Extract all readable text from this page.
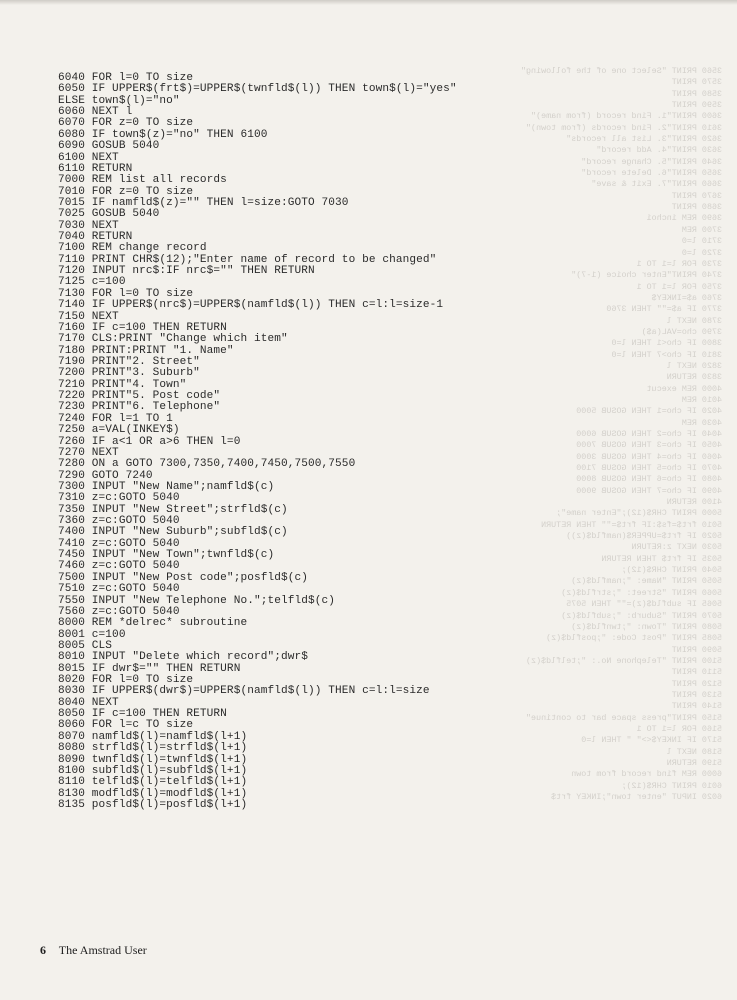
3560 PRINT "Select one of the following"
3570 PRINT
3580 PRINT
3590 PRINT
3600 PRINT"1. Find record (from name)"
3610 PRINT"2. Find records (from town)"
3620 PRINT"3. List all records"
3630 PRINT"4. Add record"
3640 PRINT"5. Change record"
3650 PRINT"6. Delete record"
3660 PRINT"7. Exit & save"
3670 PRINT
3680 PRINT
3690 REM inchoi
3700 REM
3710 l=0
3720 l=0
3730 FOR l=1 TO 1
3740 PRINT"Enter choice (1-7)"
3750 FOR l=1 TO 1
3760 a$=INKEY$
3770 IF a$="" THEN 3760
3780 NEXT l
3790 cho=VAL(a$)
3800 IF cho<1 THEN l=0
3810 IF cho>7 THEN l=0
3820 NEXT l
3830 RETURN
4000 REM execut
4010 REM
4020 IF cho=1 THEN GOSUB 5000
4030 REM
4040 IF cho=2 THEN GOSUB 6000
4050 IF cho=3 THEN GOSUB 7000
4060 IF cho=4 THEN GOSUB 3000
4070 IF cho=5 THEN GOSUB 7100
4080 IF cho=6 THEN GOSUB 8000
4090 IF cho=7 THEN GOSUB 9000
4100 RETURN
5000 PRINT CHR$(12);"Enter name";
5010 frt$=fs$:IF frt$="" THEN RETURN
5020 IF frt$=UPPER$(namfld$(z))
5030 NEXT z:RETURN
5035 IF frt$ THEN RETURN
5040 PRINT CHR$(12);
5050 PRINT "Name: ";namfld$(z)
5060 PRINT "Street: ";strfld$(z)
5065 IF subfld$(z)="" THEN 5075
5070 PRINT "Suburb: ";subfld$(z)
5080 PRINT "Town: ";twnfld$(z)
5085 PRINT "Post Code: ";posfld$(z)
5090 PRINT
5100 PRINT "Telephone No.: ";telfld$(z)
5110 PRINT
5120 PRINT
5130 PRINT
5140 PRINT
5150 PRINT"press space bar to continue"
5160 FOR l=1 TO 1
5170 IF INKEY$<>" " THEN l=0
5180 NEXT l
5190 RETURN
6000 REM find record from town
6010 PRINT CHR$(12);
6020 INPUT "enter town";INKEY frt$
6040 FOR l=0 TO size
6050 IF UPPER$(frt$)=UPPER$(twnfld$(l)) THEN town$(l)="yes"
ELSE town$(l)="no"
6060 NEXT l
6070 FOR z=0 TO size
6080 IF town$(z)="no" THEN 6100
6090 GOSUB 5040
6100 NEXT
6110 RETURN
7000 REM list all records
7010 FOR z=0 TO size
7015 IF namfld$(z)="" THEN l=size:GOTO 7030
7025 GOSUB 5040
7030 NEXT
7040 RETURN
7100 REM change record
7110 PRINT CHR$(12);"Enter name of record to be changed"
7120 INPUT nrc$:IF nrc$="" THEN RETURN
7125 c=100
7130 FOR l=0 TO size
7140 IF UPPER$(nrc$)=UPPER$(namfld$(l)) THEN c=l:l=size-1
7150 NEXT
7160 IF c=100 THEN RETURN
7170 CLS:PRINT "Change which item"
7180 PRINT:PRINT "1. Name"
7190 PRINT"2. Street"
7200 PRINT"3. Suburb"
7210 PRINT"4. Town"
7220 PRINT"5. Post code"
7230 PRINT"6. Telephone"
7240 FOR l=1 TO 1
7250 a=VAL(INKEY$)
7260 IF a<1 OR a>6 THEN l=0
7270 NEXT
7280 ON a GOTO 7300,7350,7400,7450,7500,7550
7290 GOTO 7240
7300 INPUT "New Name";namfld$(c)
7310 z=c:GOTO 5040
7350 INPUT "New Street";strfld$(c)
7360 z=c:GOTO 5040
7400 INPUT "New Suburb";subfld$(c)
7410 z=c:GOTO 5040
7450 INPUT "New Town";twnfld$(c)
7460 z=c:GOTO 5040
7500 INPUT "New Post code";posfld$(c)
7510 z=c:GOTO 5040
7550 INPUT "New Telephone No.";telfld$(c)
7560 z=c:GOTO 5040
8000 REM *delrec* subroutine
8001 c=100
8005 CLS
8010 INPUT "Delete which record";dwr$
8015 IF dwr$="" THEN RETURN
8020 FOR l=0 TO size
8030 IF UPPER$(dwr$)=UPPER$(namfld$(l)) THEN c=l:l=size
8040 NEXT
8050 IF c=100 THEN RETURN
8060 FOR l=c TO size
8070 namfld$(l)=namfld$(l+1)
8080 strfld$(l)=strfld$(l+1)
8090 twnfld$(l)=twnfld$(l+1)
8100 subfld$(l)=subfld$(l+1)
8110 telfld$(l)=telfld$(l+1)
8130 modfld$(l)=modfld$(l+1)
8135 posfld$(l)=posfld$(l+1)
6 The Amstrad User
